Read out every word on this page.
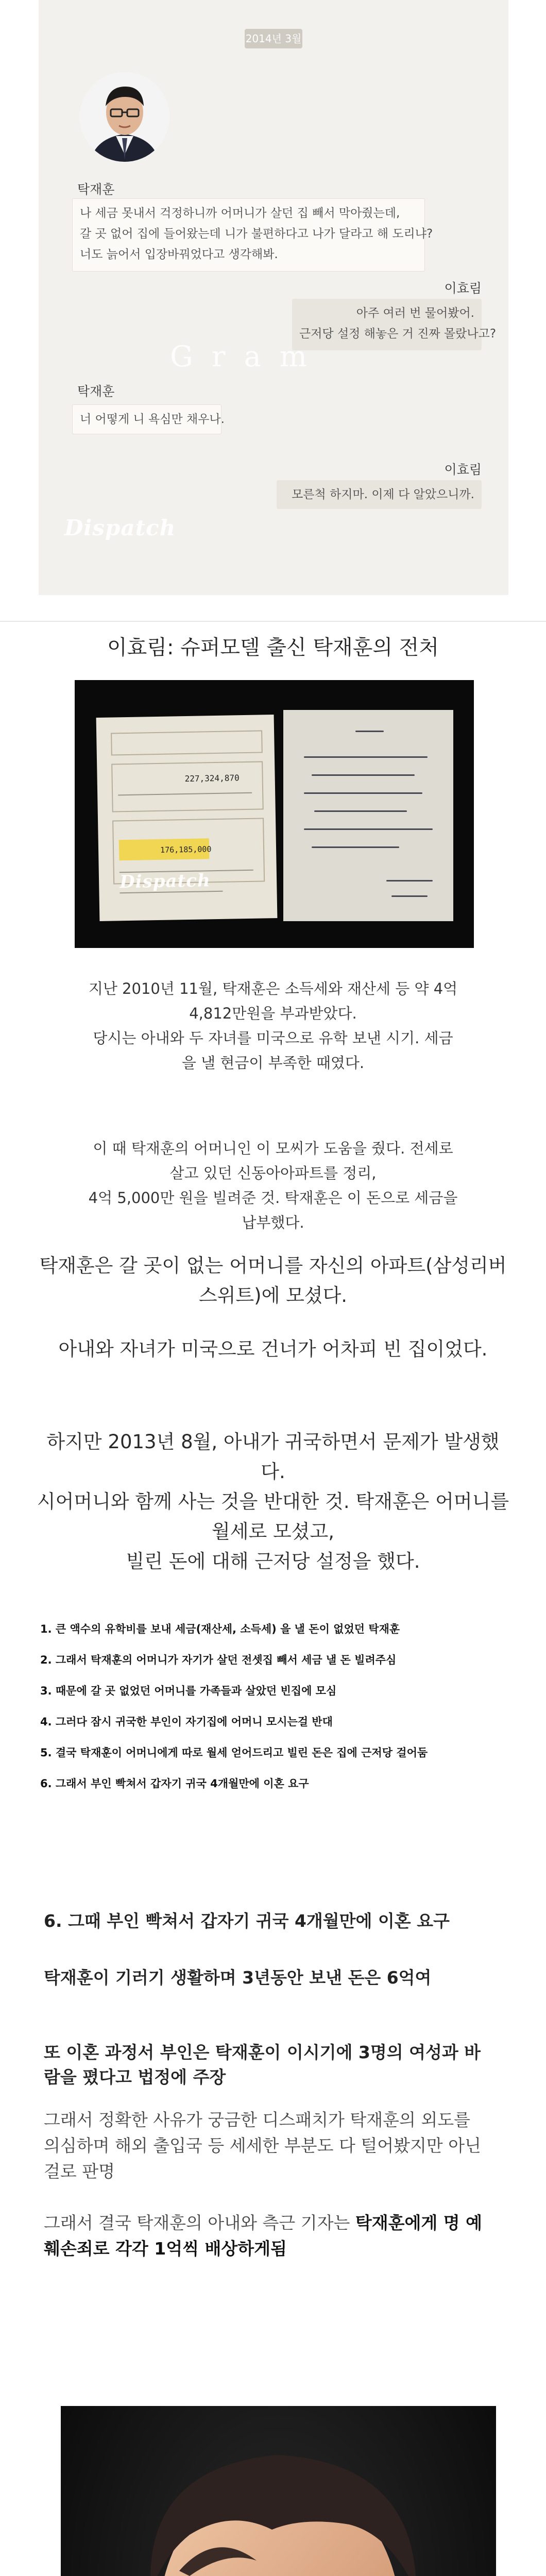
2014년 3월
탁재훈
나 세금 못내서 걱정하니까 어머니가 살던 집 빼서 막아줬는데,
갈 곳 없어 집에 들어왔는데 니가 불편하다고 나가 달라고 해 도리냐?
너도 늙어서 입장바꿔었다고 생각해봐.
이효림
아주 여러 번 물어봤어.
근저당 설정 해놓은 거 진짜 몰랐나고?
탁재훈
너 어떻게 니 욕심만 채우나.
이효림
모른척 하지마. 이제 다 알았으니까.
Gram
Dispatch
이효림: 슈퍼모델 출신 탁재훈의 전처
227,324,870
176,185,000
Dispatch
지난 2010년 11월, 탁재훈은 소득세와 재산세 등 약 4억
4,812만원을 부과받았다.
당시는 아내와 두 자녀를 미국으로 유학 보낸 시기. 세금
을 낼 현금이 부족한 때였다.
이 때 탁재훈의 어머니인 이 모씨가 도움을 줬다. 전세로
살고 있던 신동아아파트를 정리,
4억 5,000만 원을 빌려준 것. 탁재훈은 이 돈으로 세금을
납부했다.
탁재훈은 갈 곳이 없는 어머니를 자신의 아파트(삼성리버
스위트)에 모셨다.
아내와 자녀가 미국으로 건너가 어차피 빈 집이었다.
하지만 2013년 8월, 아내가 귀국하면서 문제가 발생했
다.
시어머니와 함께 사는 것을 반대한 것. 탁재훈은 어머니를
월세로 모셨고,
빌린 돈에 대해 근저당 설정을 했다.
1. 큰 액수의 유학비를 보내 세금(재산세, 소득세) 을 낼 돈이 없었던 탁재훈
2. 그래서 탁재훈의 어머니가 자기가 살던 전셋집 빼서 세금 낼 돈 빌려주심
3. 때문에 갈 곳 없었던 어머니를 가족들과 살았던 빈집에 모심
4. 그러다 잠시 귀국한 부인이 자기집에 어머니 모시는걸 반대
5. 결국 탁재훈이 어머니에게 따로 월세 얻어드리고 빌린 돈은 집에 근저당 걸어둠
6. 그래서 부인 빡쳐서 갑자기 귀국 4개월만에 이혼 요구
6. 그때 부인 빡쳐서 갑자기 귀국 4개월만에 이혼 요구
탁재훈이 기러기 생활하며 3년동안 보낸 돈은 6억여
또 이혼 과정서 부인은 탁재훈이 이시기에 3명의 여성과 바
람을 폈다고 법정에 주장
그래서 정확한 사유가 궁금한 디스패치가 탁재훈의 외도를
의심하며 해외 출입국 등 세세한 부분도 다 털어봤지만 아닌
걸로 판명
그래서 결국 탁재훈의 아내와 측근 기자는 탁재훈에게 명 예
훼손죄로 각각 1억씩 배상하게됨
